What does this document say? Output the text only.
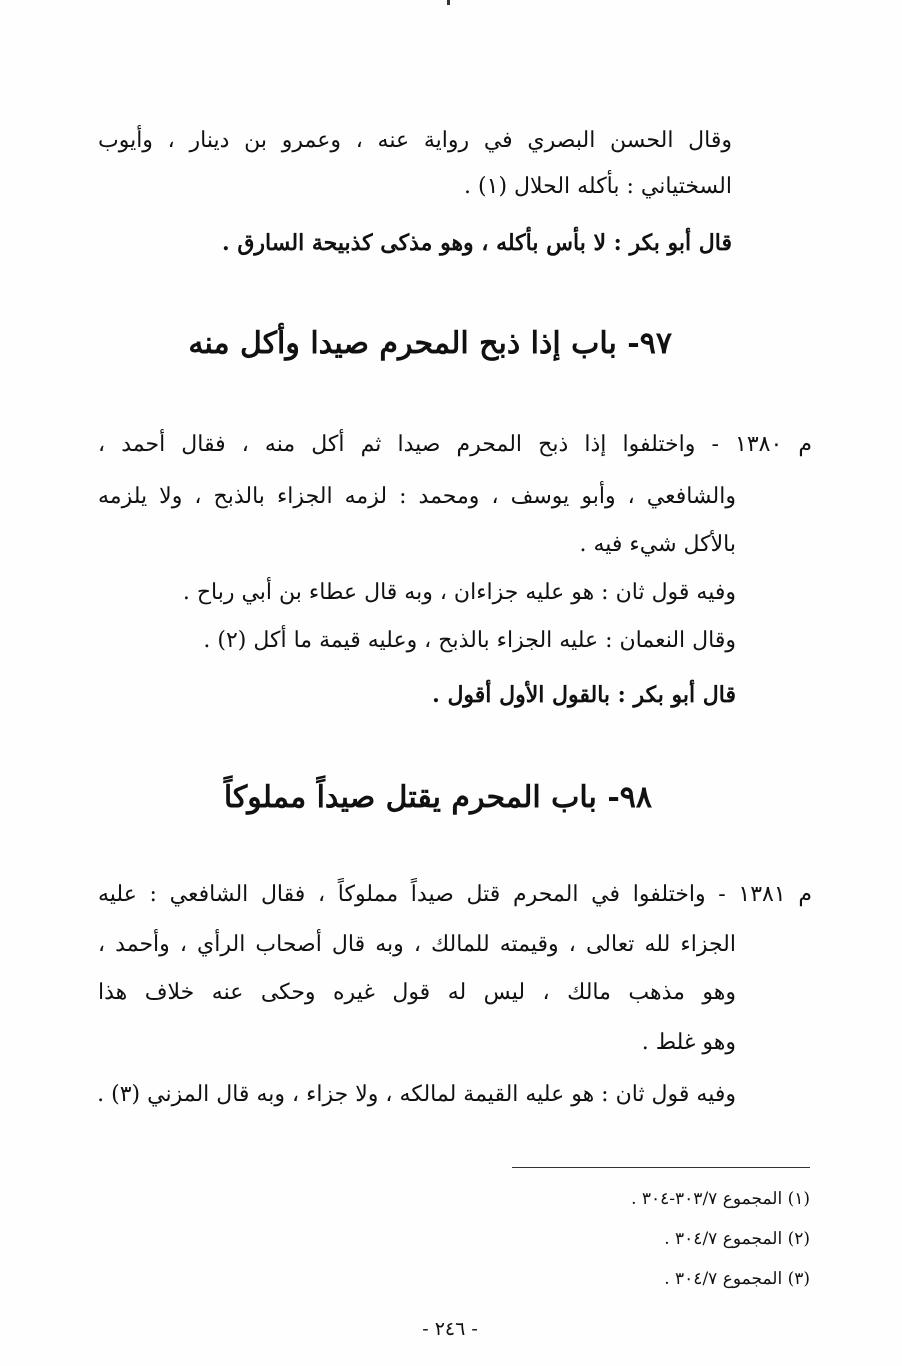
وقال الحسن البصري في رواية عنه ، وعمرو بن دينار ، وأيوب
السختياني : بأكله الحلال (١) .
قال أبو بكر : لا بأس بأكله ، وهو مذكى كذبيحة السارق .
٩٧- باب إذا ذبح المحرم صيدا وأكل منه
م ١٣٨٠ - واختلفوا إذا ذبح المحرم صيدا ثم أكل منه ، فقال أحمد ،
والشافعي ، وأبو يوسف ، ومحمد : لزمه الجزاء بالذبح ، ولا يلزمه
بالأكل شيء فيه .
وفيه قول ثان : هو عليه جزاءان ، وبه قال عطاء بن أبي رباح .
وقال النعمان : عليه الجزاء بالذبح ، وعليه قيمة ما أكل (٢) .
قال أبو بكر : بالقول الأول أقول .
٩٨- باب المحرم يقتل صيداً مملوكاً
م ١٣٨١ - واختلفوا في المحرم قتل صيداً مملوكاً ، فقال الشافعي : عليه
الجزاء لله تعالى ، وقيمته للمالك ، وبه قال أصحاب الرأي ، وأحمد ،
وهو مذهب مالك ، ليس له قول غيره وحكى عنه خلاف هذا
وهو غلط .
وفيه قول ثان : هو عليه القيمة لمالكه ، ولا جزاء ، وبه قال المزني (٣) .
(١) المجموع ٣٠٣/٧-٣٠٤ .
(٢) المجموع ٣٠٤/٧ .
(٣) المجموع ٣٠٤/٧ .
- ٢٤٦ -
